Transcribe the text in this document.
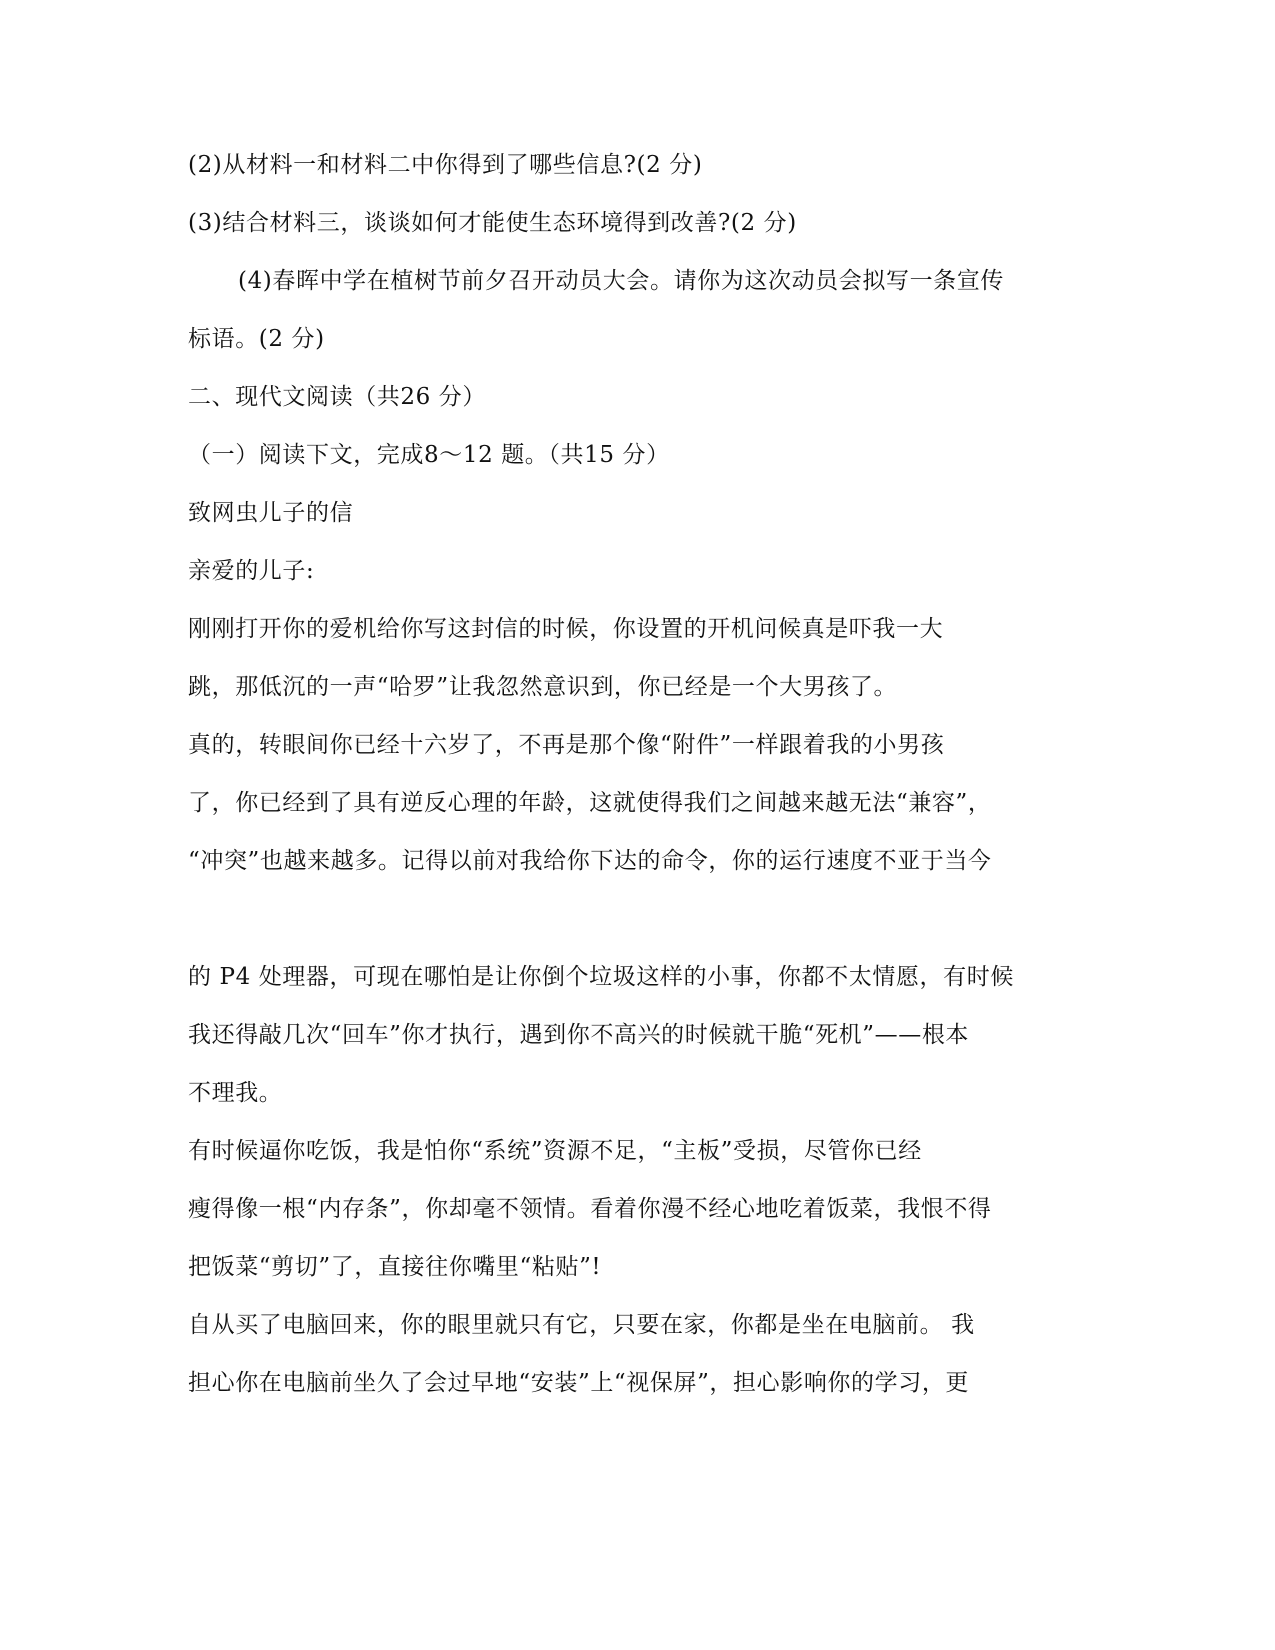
(2)从材料一和材料二中你得到了哪些信息?(2 分)
(3)结合材料三，谈谈如何才能使生态环境得到改善?(2 分)
(4)春晖中学在植树节前夕召开动员大会。请你为这次动员会拟写一条宣传
标语。(2 分)
二、现代文阅读（共26 分）
（一）阅读下文，完成8～12 题。（共15 分）
致网虫儿子的信
亲爱的儿子:
刚刚打开你的爱机给你写这封信的时候，你设置的开机问候真是吓我一大
跳，那低沉的一声“哈罗”让我忽然意识到，你已经是一个大男孩了。
真的，转眼间你已经十六岁了，不再是那个像“附件”一样跟着我的小男孩
了，你已经到了具有逆反心理的年龄，这就使得我们之间越来越无法“兼容”，
“冲突”也越来越多。记得以前对我给你下达的命令，你的运行速度不亚于当今
的 P4 处理器，可现在哪怕是让你倒个垃圾这样的小事，你都不太情愿，有时候
我还得敲几次“回车”你才执行，遇到你不高兴的时候就干脆“死机”——根本
不理我。
有时候逼你吃饭，我是怕你“系统”资源不足，“主板”受损，尽管你已经
瘦得像一根“内存条”，你却毫不领情。看着你漫不经心地吃着饭菜，我恨不得
把饭菜“剪切”了，直接往你嘴里“粘贴”!
自从买了电脑回来，你的眼里就只有它，只要在家，你都是坐在电脑前。 我
担心你在电脑前坐久了会过早地“安装”上“视保屏”，担心影响你的学习，更
